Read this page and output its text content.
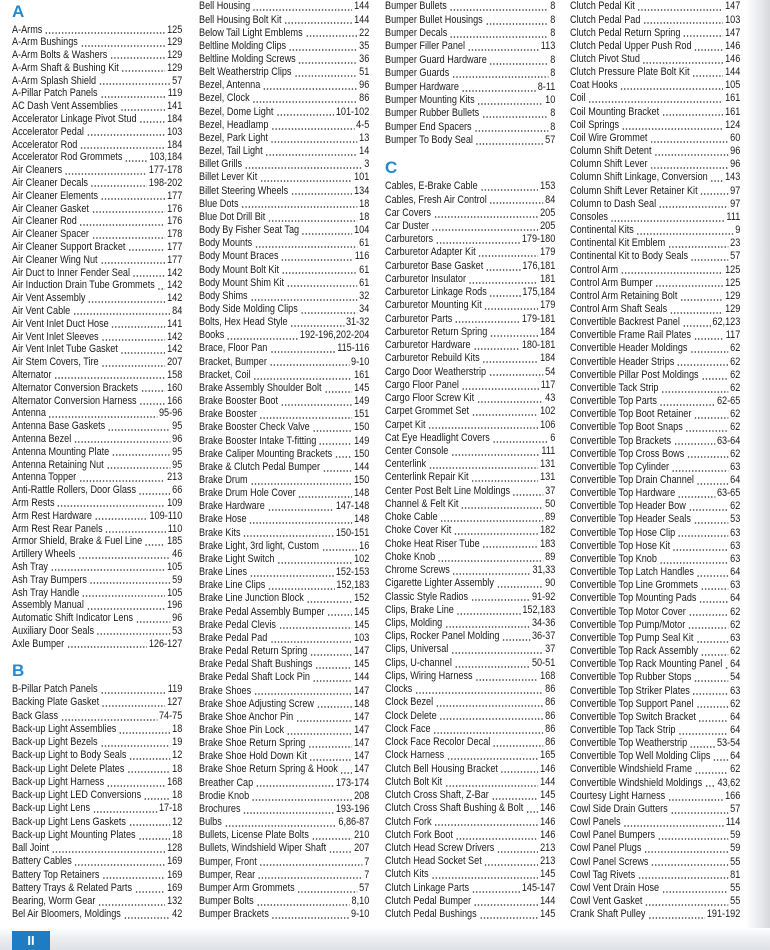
II
A
A-Arms	125
A-Arm Bushings	129
A-Arm Bolts & Washers	129
A-Arm Shaft & Bushing Kit	129
A-Arm Splash Shield	57
A-Pillar Patch Panels	119
AC Dash Vent Assemblies	141
Accelerator Linkage Pivot Stud	184
Accelerator Pedal	103
Accelerator Rod	184
Accelerator Rod Grommets	103,184
Air Cleaners	177-178
Air Cleaner Decals	198-202
Air Cleaner Elements	177
Air Cleaner Gasket	176
Air Cleaner Rod	176
Air Cleaner Spacer	178
Air Cleaner Support Bracket	177
Air Cleaner Wing Nut	177
Air Duct to Inner Fender Seal	142
Air Induction Drain Tube Grommets 142
Air Vent Assembly	142
Air Vent Cable	84
Air Vent Inlet Duct Hose	141
Air Vent Inlet Sleeves	142
Air Vent Inlet Tube Gasket	142
Air Stem Covers, Tire	207
Alternator	158
Alternator Conversion Brackets	160
Alternator Conversion Harness	166
Antenna	95-96
Antenna Base Gaskets	95
Antenna Bezel	96
Antenna Mounting Plate	95
Antenna Retaining Nut	95
Antenna Topper	213
Anti-Rattle Rollers, Door Glass	66
Arm Rests	109
Arm Rest Hardware	109-110
Arm Rest Rear Panels	110
Armor Shield, Brake & Fuel Line 185
Artillery Wheels	46
Ash Tray	105
Ash Tray Bumpers	59
Ash Tray Handle	105
Assembly Manual	196
Automatic Shift Indicator Lens	96
Auxiliary Door Seals	53
Axle Bumper	126-127
B
B-Pillar Patch Panels	119
Backing Plate Gasket	127
Back Glass	74-75
Back-up Light Assemblies	18
Back-up Light Bezels	19
Back-up Light to Body Seals	12
Back-up Light Delete Plates	18
Back-up Light Harness	168
Back-up Light LED Conversions	18
Back-up Light Lens	17-18
Back-up Light Lens Gaskets	12
Back-up Light Mounting Plates	18
Ball Joint	128
Battery Cables	169
Battery Top Retainers	169
Battery Trays & Related Parts	169
Bearing, Worm Gear	132
Bel Air Bloomers, Moldings	42
Bell Housing	144
Bell Housing Bolt Kit	144
Below Tail Light Emblems	22
Beltline Molding Clips	35
Beltline Molding Screws	36
Belt Weatherstrip Clips	51
Bezel, Antenna	96
Bezel, Clock	86
Bezel, Dome Light	101-102
Bezel, Headlamp	4-5
Bezel, Park Light	13
Bezel, Tail Light	14
Billet Grills	3
Billet Lever Kit	101
Billet Steering Wheels	134
Blue Dots	18
Blue Dot Drill Bit	18
Body By Fisher Seat Tag	104
Body Mounts	61
Body Mount Braces	116
Body Mount Bolt Kit	61
Body Mount Shim Kit	61
Body Shims	32
Body Side Molding Clips	34
Bolts, Hex Head Style	31-32
Books	192-196,202-204
Brace, Floor Pan	115-116
Bracket, Bumper	9-10
Bracket, Coil	161
Brake Assembly Shoulder Bolt	145
Brake Booster Boot	149
Brake Booster	151
Brake Booster Check Valve	150
Brake Booster Intake T-fitting	149
Brake Caliper Mounting Brackets 150
Brake & Clutch Pedal Bumper	144
Brake Drum	150
Brake Drum Hole Cover	148
Brake Hardware	147-148
Brake Hose	148
Brake Kits	150-151
Brake Light, 3rd light, Custom	16
Brake Light Switch	102
Brake Lines	152-153
Brake Line Clips	152,183
Brake Line Junction Block	152
Brake Pedal Assembly Bumper	145
Brake Pedal Clevis	145
Brake Pedal Pad	103
Brake Pedal Return Spring	147
Brake Pedal Shaft Bushings	145
Brake Pedal Shaft Lock Pin	144
Brake Shoes	147
Brake Shoe Adjusting Screw	148
Brake Shoe Anchor Pin	147
Brake Shoe Pin Lock	147
Brake Shoe Return Spring	147
Brake Shoe Hold Down Kit	147
Brake Shoe Return Spring & Hook 147
Breather Cap	173-174
Brodie Knob	208
Brochures	193-196
Bulbs	6,86-87
Bullets, License Plate Bolts	210
Bullets, Windshield Wiper Shaft	207
Bumper, Front	7
Bumper, Rear	7
Bumper Arm Grommets	57
Bumper Bolts	8,10
Bumper Brackets	9-10
Bumper Bullets	8
Bumper Bullet Housings	8
Bumper Decals	8
Bumper Filler Panel	113
Bumper Guard Hardware	8
Bumper Guards	8
Bumper Hardware	8-11
Bumper Mounting Kits	10
Bumper Rubber Bullets	8
Bumper End Spacers	8
Bumper To Body Seal	57
C
Cables, E-Brake Cable	153
Cables, Fresh Air Control	84
Car Covers	205
Car Duster	205
Carburetors	179-180
Carburetor Adapter Kit	179
Carburetor Base Gasket	176,181
Carburetor Insulator	181
Carburetor Linkage Rods	175,184
Carburetor Mounting Kit	179
Carburetor Parts	179-181
Carburetor Return Spring	184
Carburetor Hardware	180-181
Carburetor Rebuild Kits	184
Cargo Door Weatherstrip	54
Cargo Floor Panel	117
Cargo Floor Screw Kit	43
Carpet Grommet Set	102
Carpet Kit	106
Cat Eye Headlight Covers	6
Center Console	111
Centerlink	131
Centerlink Repair Kit	131
Center Post Belt Line Moldings	37
Channel & Felt Kit	50
Choke Cable	89
Choke Cover Kit	182
Choke Heat Riser Tube	183
Choke Knob	89
Chrome Screws	31,33
Cigarette Lighter Assembly	90
Classic Style Radios	91-92
Clips, Brake Line	152,183
Clips, Molding	34-36
Clips, Rocker Panel Molding	36-37
Clips, Universal	37
Clips, U-channel	50-51
Clips, Wiring Harness	168
Clocks	86
Clock Bezel	86
Clock Delete	86
Clock Face	86
Clock Face Recolor Decal	86
Clock Harness	165
Clutch Bell Housing Bracket	146
Clutch Bolt Kit	144
Clutch Cross Shaft, Z-Bar	145
Clutch Cross Shaft Bushing & Bolt 146
Clutch Fork	146
Clutch Fork Boot	146
Clutch Head Screw Drivers	213
Clutch Head Socket Set	213
Clutch Kits	145
Clutch Linkage Parts	145-147
Clutch Pedal Bumper	144
Clutch Pedal Bushings	145
Clutch Pedal Kit	147
Clutch Pedal Pad	103
Clutch Pedal Return Spring	147
Clutch Pedal Upper Push Rod	146
Clutch Pivot Stud	146
Clutch Pressure Plate Bolt Kit	144
Coat Hooks	105
Coil	161
Coil Mounting Bracket	161
Coil Springs	124
Coil Wire Grommet	60
Column Shift Detent	96
Column Shift Lever	96
Column Shift Linkage, Conversion 143
Column Shift Lever Retainer Kit	97
Column to Dash Seal	97
Consoles	111
Continental Kits	9
Continental Kit Emblem	23
Continental Kit to Body Seals	57
Control Arm	125
Control Arm Bumper	125
Control Arm Retaining Bolt	129
Control Arm Shaft Seals	129
Convertible Backrest Panel	62,123
Convertible Frame Rail Plates	117
Convertible Header Moldings	62
Convertible Header Strips	62
Convertible Pillar Post Moldings	62
Convertible Tack Strip	62
Convertible Top Parts	62-65
Convertible Top Boot Retainer	62
Convertible Top Boot Snaps	62
Convertible Top Brackets	63-64
Convertible Top Cross Bows	62
Convertible Top Cylinder	63
Convertible Top Drain Channel	64
Convertible Top Hardware	63-65
Convertible Top Header Bow	62
Convertible Top Header Seals	53
Convertible Top Hose Clip	63
Convertible Top Hose Kit	63
Convertible Top Knob	63
Convertible Top Latch Handles	64
Convertible Top Line Grommets	63
Convertible Top Mounting Pads	64
Convertible Top Motor Cover	62
Convertible Top Pump/Motor	62
Convertible Top Pump Seal Kit	63
Convertible Top Rack Assembly	62
Convertible Top Rack Mounting Panel 64
Convertible Top Rubber Stops	54
Convertible Top Striker Plates	63
Convertible Top Support Panel	62
Convertible Top Switch Bracket	64
Convertible Top Tack Strip	64
Convertible Top Weatherstrip	53-54
Convertible Top Well Molding Clips 64
Convertible Windshield Frame	62
Convertible Windshield Moldings 43,62
Courtesy Light Harness	166
Cowl Side Drain Gutters	57
Cowl Panels	114
Cowl Panel Bumpers	59
Cowl Panel Plugs	59
Cowl Panel Screws	55
Cowl Tag Rivets	81
Cowl Vent Drain Hose	55
Cowl Vent Gasket	55
Crank Shaft Pulley	191-192
